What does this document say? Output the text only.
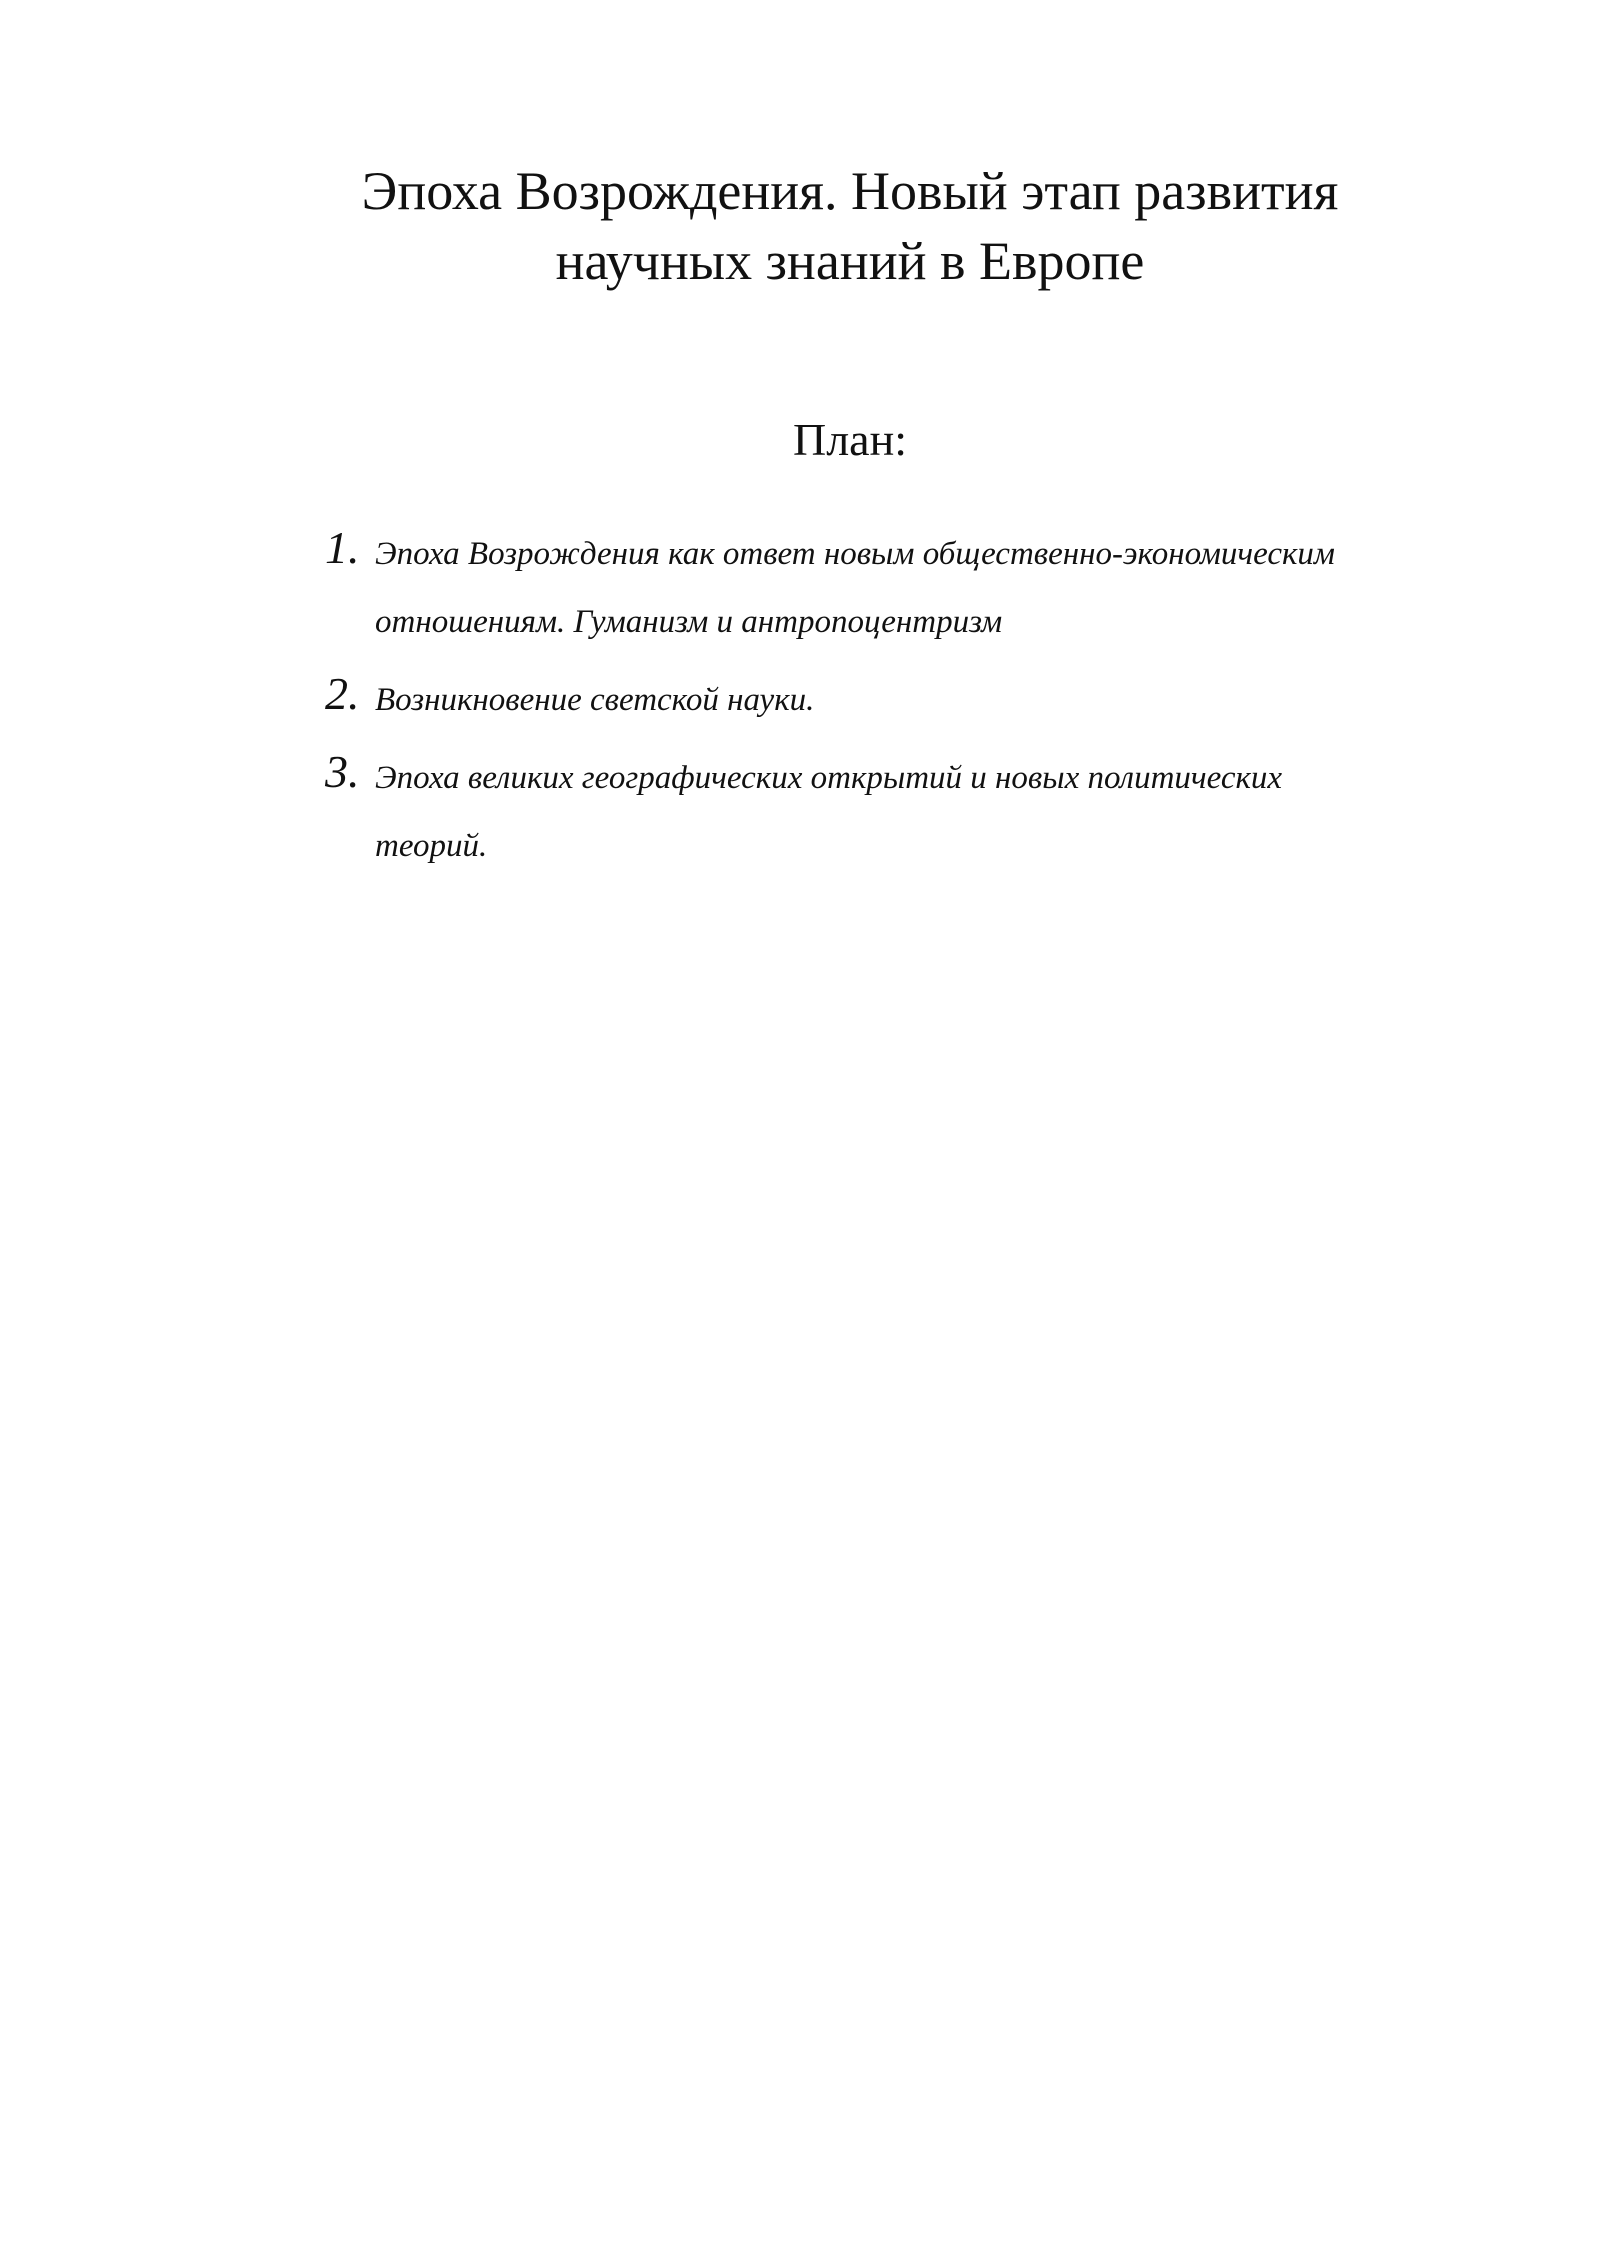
Эпоха Возрождения. Новый этап развития
научных знаний в Европе
План:
1. Эпоха Возрождения как ответ новым общественно-экономическим
отношениям. Гуманизм и антропоцентризм
2. Возникновение светской науки.
3. Эпоха великих географических открытий и новых политических
теорий.
